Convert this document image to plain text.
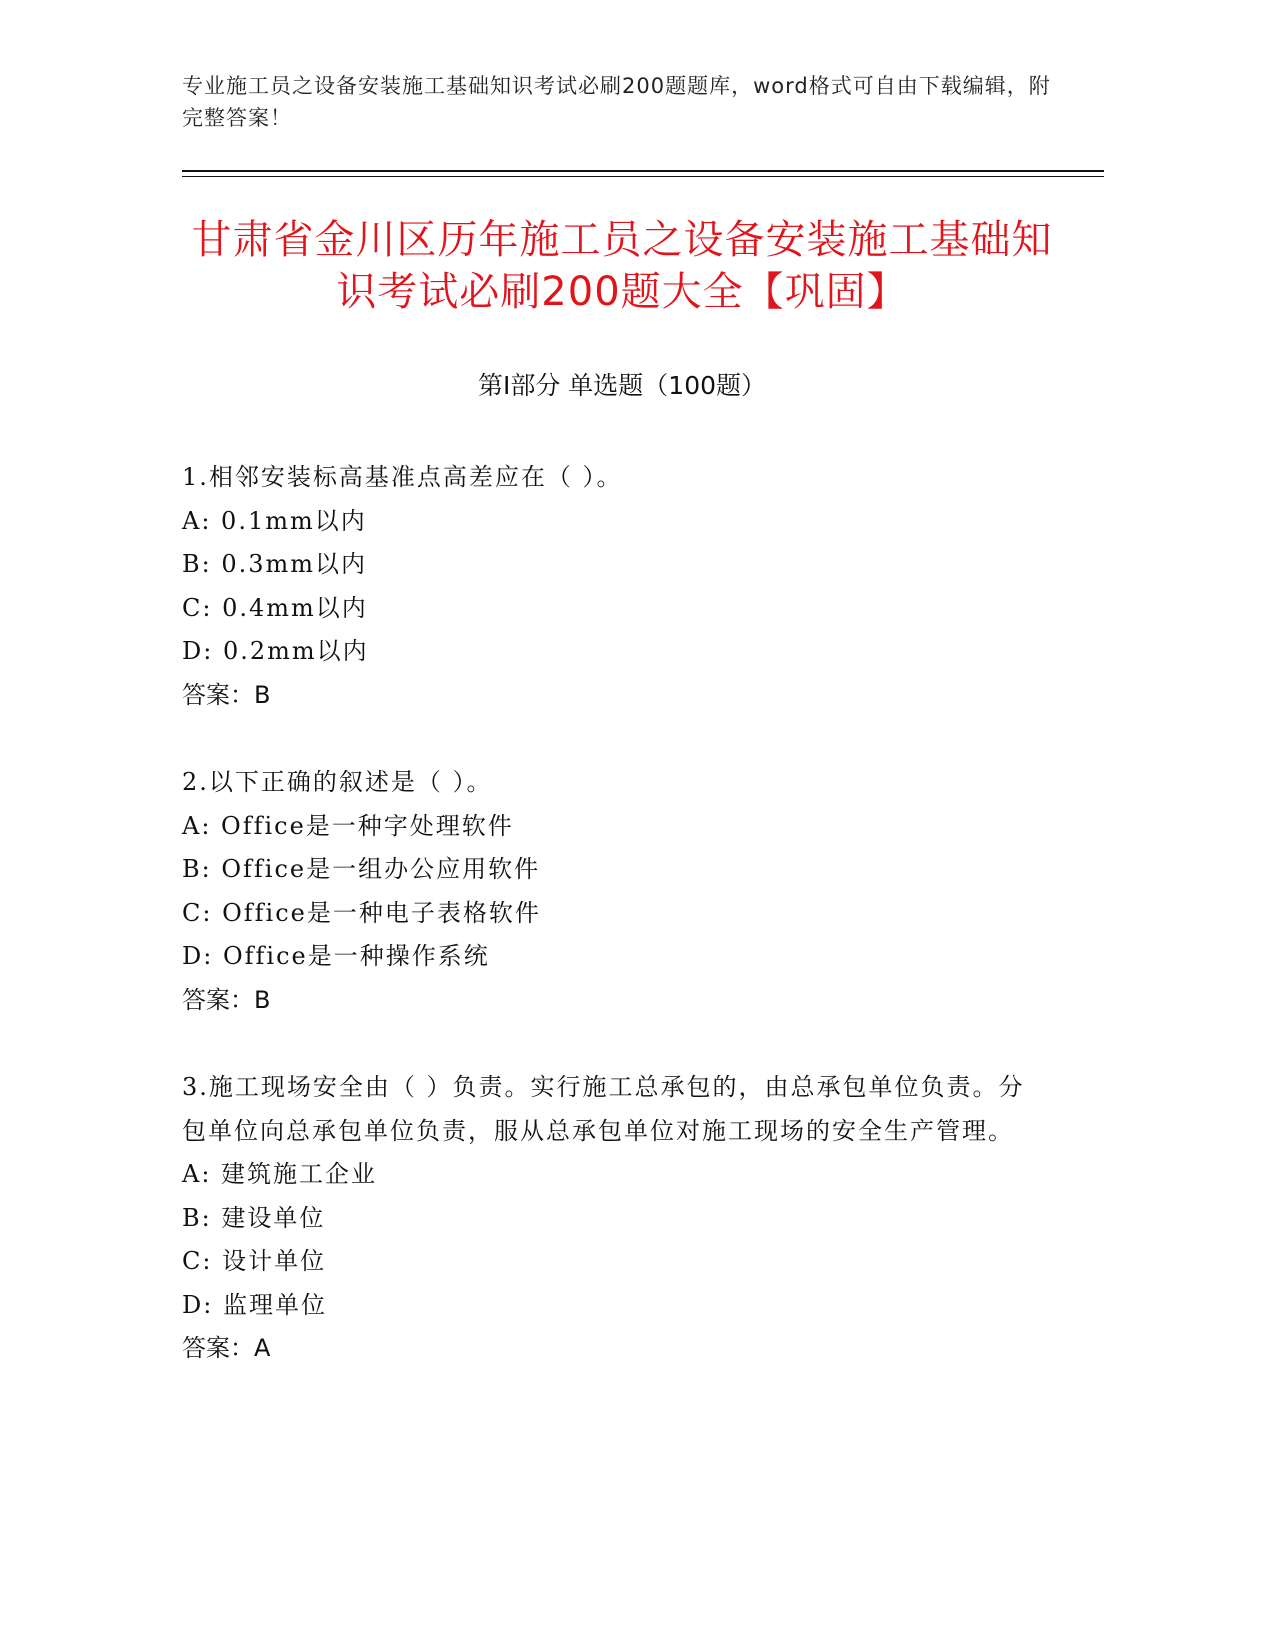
专业施工员之设备安装施工基础知识考试必刷200题题库，word格式可自由下载编辑，附完整答案！
甘肃省金川区历年施工员之设备安装施工基础知识考试必刷200题大全【巩固】
第I部分 单选题（100题）
1.相邻安装标高基准点高差应在（ ）。
A: 0.1mm以内
B: 0.3mm以内
C: 0.4mm以内
D: 0.2mm以内
答案：B
2.以下正确的叙述是（ ）。
A: Office是一种字处理软件
B: Office是一组办公应用软件
C: Office是一种电子表格软件
D: Office是一种操作系统
答案：B
3.施工现场安全由（ ）负责。实行施工总承包的，由总承包单位负责。分包单位向总承包单位负责，服从总承包单位对施工现场的安全生产管理。
A: 建筑施工企业
B: 建设单位
C: 设计单位
D: 监理单位
答案：A
